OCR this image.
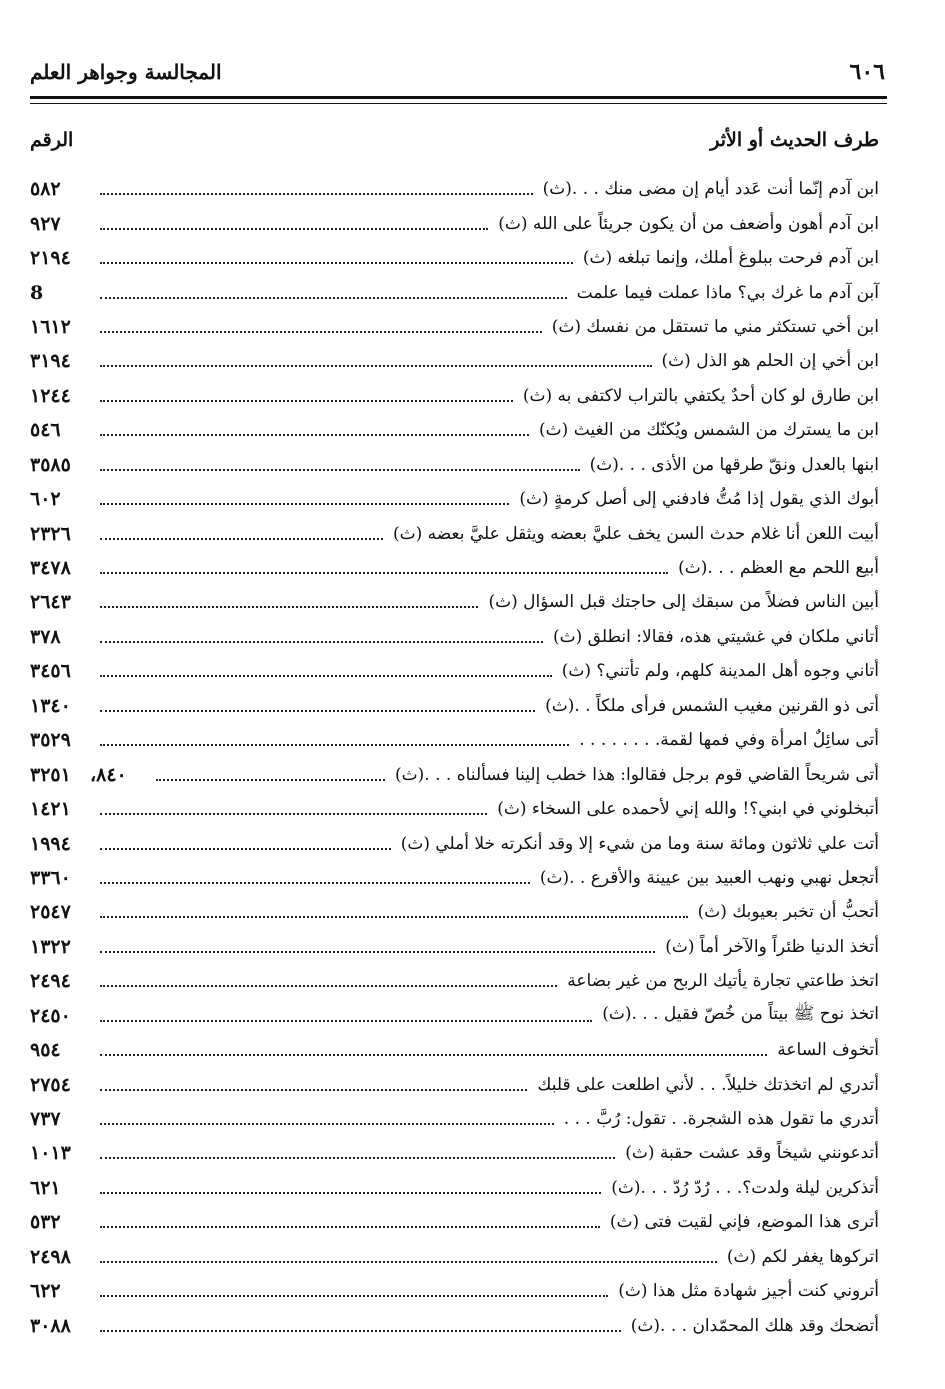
المجالسة وجواهر العلم	٦٠٦
الرقم	طرف الحديث أو الأثر
٥٨٢	ابن آدم إنّما أنت عَدد أيام إن مضى منك . . .(ث)
٩٢٧	ابن آدم أهون وأضعف من أن يكون جريئاً على الله (ث)
٢١٩٤	ابن آدم فرحت ببلوغ أملك، وإنما تبلغه (ث)
8	آبن آدم ما غرك بي؟ ماذا عملت فيما علمت
١٦١٢	ابن أخي تستكثر مني ما تستقل من نفسك (ث)
٣١٩٤	ابن أخي إن الحلم هو الذل (ث)
١٢٤٤	ابن طارق لو كان أحدٌ يكتفي بالتراب لاكتفى به (ث)
٥٤٦	ابن ما يسترك من الشمس ويُكنّك من الغيث (ث)
٣٥٨٥	ابنها بالعدل ونقّ طرقها من الأذى . . .(ث)
٦٠٢	أبوك الذي يقول إذا مُتُّ فادفني إلى أصل كرمةٍ (ث)
٢٣٢٦	أبيت اللعن أنا غلام حدث السن يخف عليَّ بعضه ويثقل عليَّ بعضه (ث)
٣٤٧٨	أبيع اللحم مع العظم . . .(ث)
٢٦٤٣	أبين الناس فضلاً من سبقك إلى حاجتك قبل السؤال (ث)
٣٧٨	أتاني ملكان في غشيتي هذه، فقالا: انطلق (ث)
٣٤٥٦	أتاني وجوه أهل المدينة كلهم، ولم تأتني؟ (ث)
١٣٤٠	أتى ذو القرنين مغيب الشمس فرأى ملكاً . .(ث)
٣٥٢٩	أتى سائِلٌ امرأة وفي فمها لقمة. . . . . . . .
٣٢٥١	٨٤٠،	أتى شريحاً القاضي قوم برجل فقالوا: هذا خطب إلينا فسألناه . . .(ث)
١٤٢١	أتبخلوني في ابني؟! والله إني لأحمده على السخاء (ث)
١٩٩٤	أتت علي ثلاثون ومائة سنة وما من شيء إلا وقد أنكرته خلا أملي (ث)
٣٣٦٠	أتجعل نهبي ونهب العبيد بين عيينة والأقرع . .(ث)
٢٥٤٧	أتحبُّ أن تخبر بعيوبك (ث)
١٣٢٢	أتخذ الدنيا ظئراً والآخر أماً (ث)
٢٤٩٤	اتخذ طاعتي تجارة يأتيك الربح من غير بضاعة
٢٤٥٠	اتخذ نوح ﷺ بيتاً من خُصّ فقيل . . .(ث)
٩٥٤	أتخوف الساعة
٢٧٥٤	أتدري لم اتخذتك خليلاً. . . لأني اطلعت على قلبك
٧٣٧	أتدري ما تقول هذه الشجرة. . تقول: رُبَّ . . .
١٠١٣	أتدعونني شيخاً وقد عشت حقبة (ث)
٦٢١	أتذكرين ليلة ولدت؟. . . رُدّ رُدّ . . .(ث)
٥٣٢	أترى هذا الموضع، فإني لقيت فتى (ث)
٢٤٩٨	اتركوها يغفر لكم (ث)
٦٢٢	أتروني كنت أجيز شهادة مثل هذا (ث)
٣٠٨٨	أتضحك وقد هلك المحمّدان . . .(ث)
